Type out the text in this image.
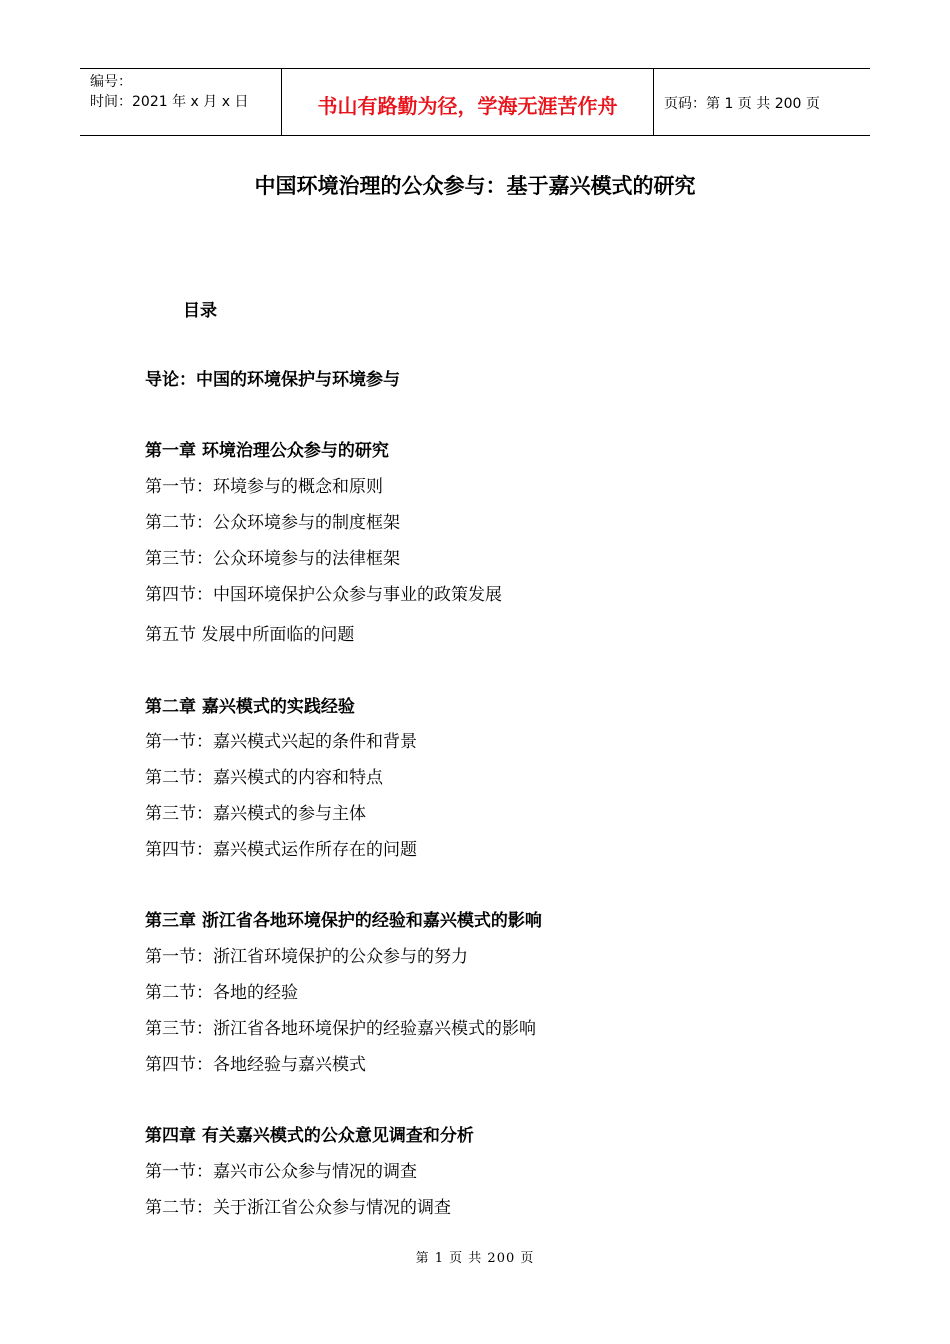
编号：
时间：2021 年 x 月 x 日	书山有路勤为径，学海无涯苦作舟	页码：第 1 页 共 200 页
中国环境治理的公众参与：基于嘉兴模式的研究
目录
导论：中国的环境保护与环境参与
第一章 环境治理公众参与的研究
第一节：环境参与的概念和原则
第二节：公众环境参与的制度框架
第三节：公众环境参与的法律框架
第四节：中国环境保护公众参与事业的政策发展
第五节 发展中所面临的问题
第二章 嘉兴模式的实践经验
第一节：嘉兴模式兴起的条件和背景
第二节：嘉兴模式的内容和特点
第三节：嘉兴模式的参与主体
第四节：嘉兴模式运作所存在的问题
第三章 浙江省各地环境保护的经验和嘉兴模式的影响
第一节：浙江省环境保护的公众参与的努力
第二节：各地的经验
第三节：浙江省各地环境保护的经验嘉兴模式的影响
第四节：各地经验与嘉兴模式
第四章 有关嘉兴模式的公众意见调查和分析
第一节：嘉兴市公众参与情况的调查
第二节：关于浙江省公众参与情况的调查
第 1 页 共 200 页
